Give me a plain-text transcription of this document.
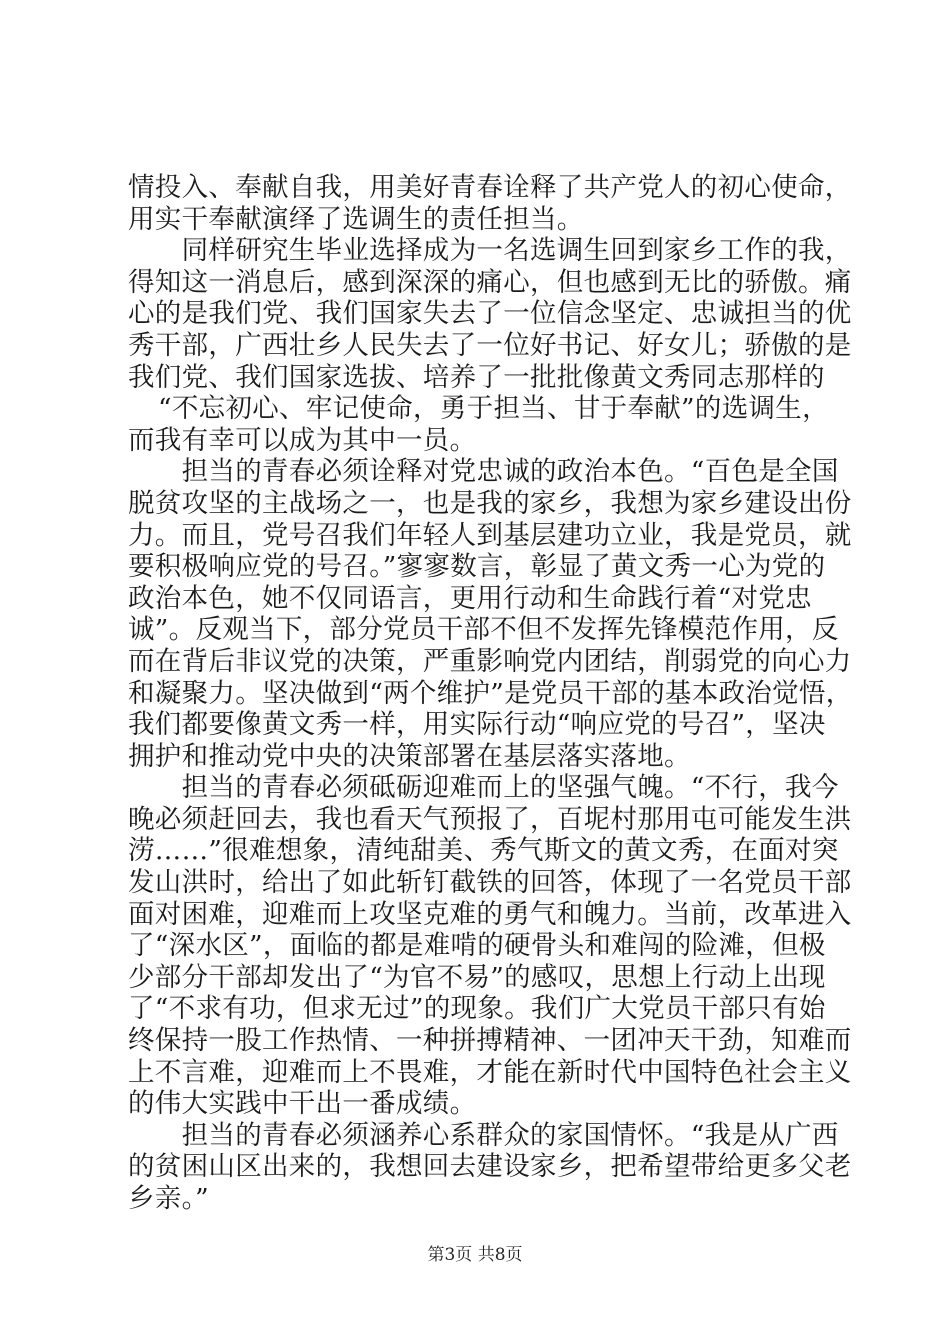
情投入、奉献自我，用美好青春诠释了共产党人的初心使命，
用实干奉献演绎了选调生的责任担当。
　　同样研究生毕业选择成为一名选调生回到家乡工作的我，
得知这一消息后，感到深深的痛心，但也感到无比的骄傲。痛
心的是我们党、我们国家失去了一位信念坚定、忠诚担当的优
秀干部，广西壮乡人民失去了一位好书记、好女儿；骄傲的是
我们党、我们国家选拔、培养了一批批像黄文秀同志那样的
“不忘初心、牢记使命，勇于担当、甘于奉献”的选调生，
而我有幸可以成为其中一员。
　　担当的青春必须诠释对党忠诚的政治本色。“百色是全国
脱贫攻坚的主战场之一，也是我的家乡，我想为家乡建设出份
力。而且，党号召我们年轻人到基层建功立业，我是党员，就
要积极响应党的号召。”寥寥数言，彰显了黄文秀一心为党的
政治本色，她不仅同语言，更用行动和生命践行着“对党忠
诚”。反观当下，部分党员干部不但不发挥先锋模范作用，反
而在背后非议党的决策，严重影响党内团结，削弱党的向心力
和凝聚力。坚决做到“两个维护”是党员干部的基本政治觉悟，
我们都要像黄文秀一样，用实际行动“响应党的号召”，坚决
拥护和推动党中央的决策部署在基层落实落地。
　　担当的青春必须砥砺迎难而上的坚强气魄。“不行，我今
晚必须赶回去，我也看天气预报了，百坭村那用屯可能发生洪
涝……”很难想象，清纯甜美、秀气斯文的黄文秀，在面对突
发山洪时，给出了如此斩钉截铁的回答，体现了一名党员干部
面对困难，迎难而上攻坚克难的勇气和魄力。当前，改革进入
了“深水区”，面临的都是难啃的硬骨头和难闯的险滩，但极
少部分干部却发出了“为官不易”的感叹，思想上行动上出现
了“不求有功，但求无过”的现象。我们广大党员干部只有始
终保持一股工作热情、一种拼搏精神、一团冲天干劲，知难而
上不言难，迎难而上不畏难，才能在新时代中国特色社会主义
的伟大实践中干出一番成绩。
　　担当的青春必须涵养心系群众的家国情怀。“我是从广西
的贫困山区出来的，我想回去建设家乡，把希望带给更多父老
乡亲。”
第3页 共8页
